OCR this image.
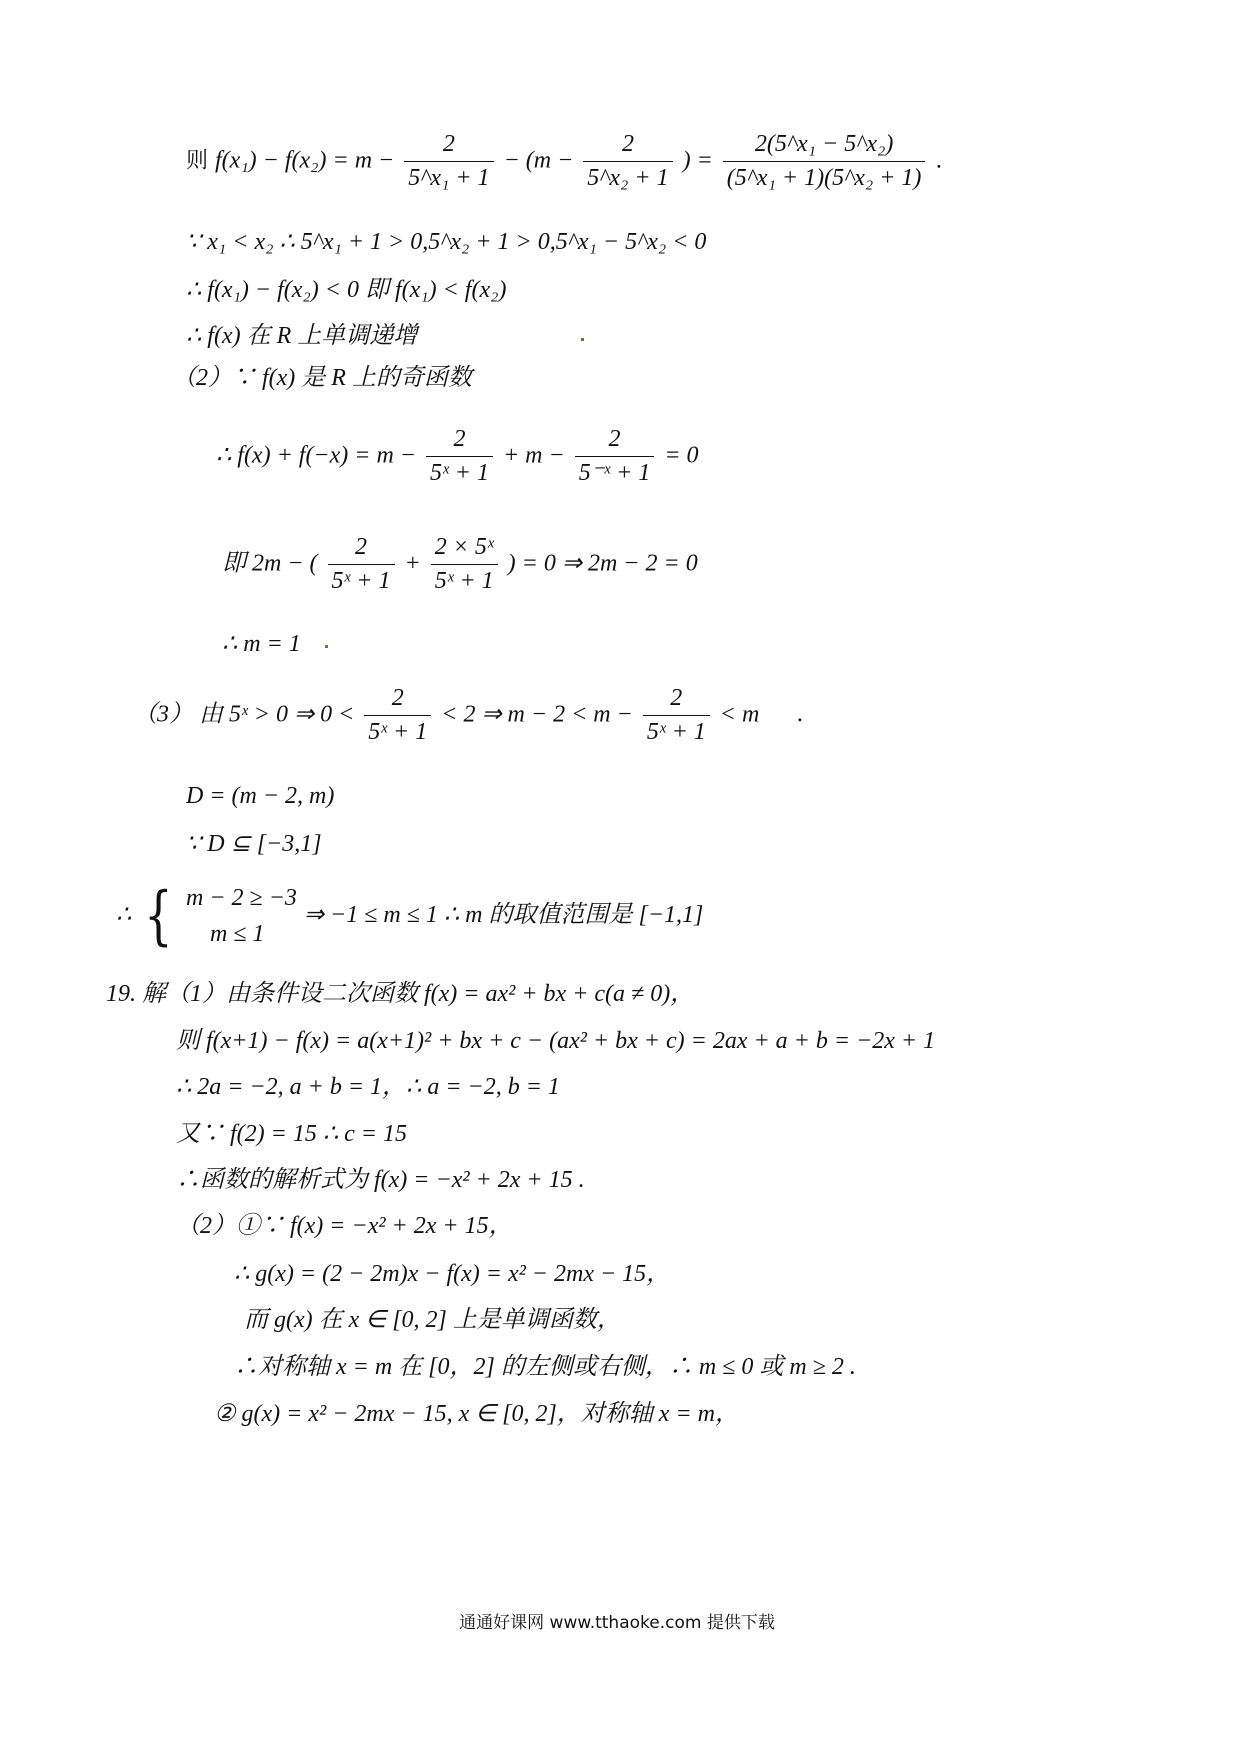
则 $f(x_1) - f(x_2) = m - \frac{2}{\text{5\textasciicircum{}x₁ + 1}} - (m - \frac{2}{\text{5\textasciicircum{}x₂ + 1}}$ ) = $\frac{\text{2(5\textasciicircum{}x₁ − 5\textasciicircum{}x₂)}}{\text{(5\textasciicircum{}x₁ + 1)(5\textasciicircum{}x₂ + 1)}}$ .
∵ x₁ < x₂ ∴ 5^x₁ + 1 > 0,5^x₂ + 1 > 0,5^x₁ − 5^x₂ < 0
∴ f(x₁) − f(x₂) < 0 即 f(x₁) < f(x₂)
∴ f(x) 在 R 上单调递增
（2）∵ f(x) 是 R 上的奇函数
∴ $f(x) + f(-x) = m - \frac{2}{\text{5ˣ + 1}} + m - \frac{2}{\text{5⁻ˣ + 1}} = 0$
即 2m − ( $\frac{2}{\text{5ˣ + 1}} + \frac{\text{2 × 5ˣ}}{\text{5ˣ + 1}}$ ) = 0 ⇒ 2m − 2 = 0
∴ m = 1
（3） 由 5ˣ > 0 ⇒ $0 < \frac{2}{\text{5ˣ + 1}} < 2$ ⇒ $m - 2 < m - \frac{2}{\text{5ˣ + 1}} < m$ .
D = (m − 2, m)
∵ D ⊆ [−3,1]
∴ { m − 2 ≥ −3
m ≤ 1
⇒ −1 ≤ m ≤ 1 ∴ m 的取值范围是 [−1,1]
19. 解（1）由条件设二次函数 f(x) = ax² + bx + c(a ≠ 0)，
则 f(x+1) − f(x) = a(x+1)² + bx + c − (ax² + bx + c) = 2ax + a + b = −2x + 1
∴ 2a = −2, a + b = 1，∴ a = −2, b = 1
又∵ f(2) = 15 ∴ c = 15
∴函数的解析式为 f(x) = −x² + 2x + 15 .
（2）①∵ f(x) = −x² + 2x + 15，
∴ g(x) = (2 − 2m)x − f(x) = x² − 2mx − 15，
而 g(x) 在 x ∈ [0, 2] 上是单调函数，
∴对称轴 x = m 在 [0，2] 的左侧或右侧，∴ m ≤ 0 或 m ≥ 2 .
② g(x) = x² − 2mx − 15, x ∈ [0, 2]，对称轴 x = m，
通通好课网 www.tthaoke.com 提供下载
